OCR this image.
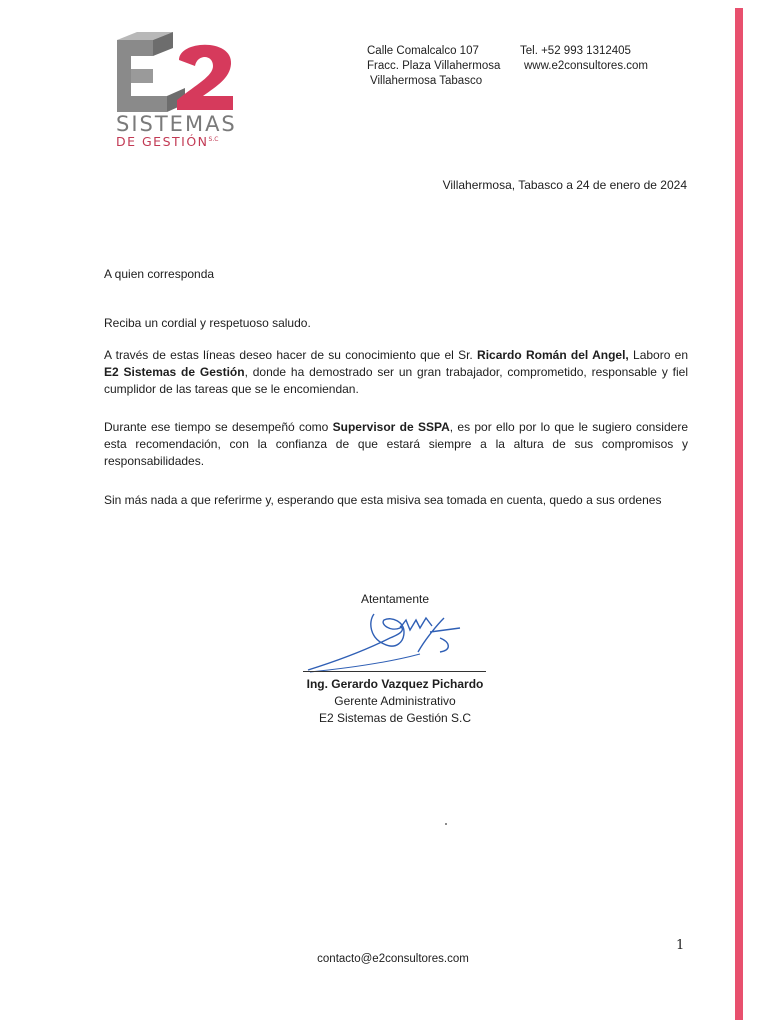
SISTEMAS
DE $GESTIÓN^{S.C}$
Calle Comalcalco 107
Fracc. Plaza Villahermosa
Villahermosa Tabasco
Tel. +52 993 1312405
www.e2consultores.com
Villahermosa, Tabasco a 24 de enero de 2024
A quien corresponda
Reciba un cordial y respetuoso saludo.
A través de estas líneas deseo hacer de su conocimiento que el Sr. Ricardo Román del Angel, Laboro en E2 Sistemas de Gestión, donde ha demostrado ser un gran trabajador, comprometido, responsable y fiel cumplidor de las tareas que se le encomiendan.
Durante ese tiempo se desempeñó como Supervisor de SSPA, es por ello por lo que le sugiero considere esta recomendación, con la confianza de que estará siempre a la altura de sus compromisos y responsabilidades.
Sin más nada a que referirme y, esperando que esta misiva sea tomada en cuenta, quedo a sus ordenes
Atentamente
Ing. Gerardo Vazquez Pichardo
Gerente Administrativo
E2 Sistemas de Gestión S.C
1
contacto@e2consultores.com
